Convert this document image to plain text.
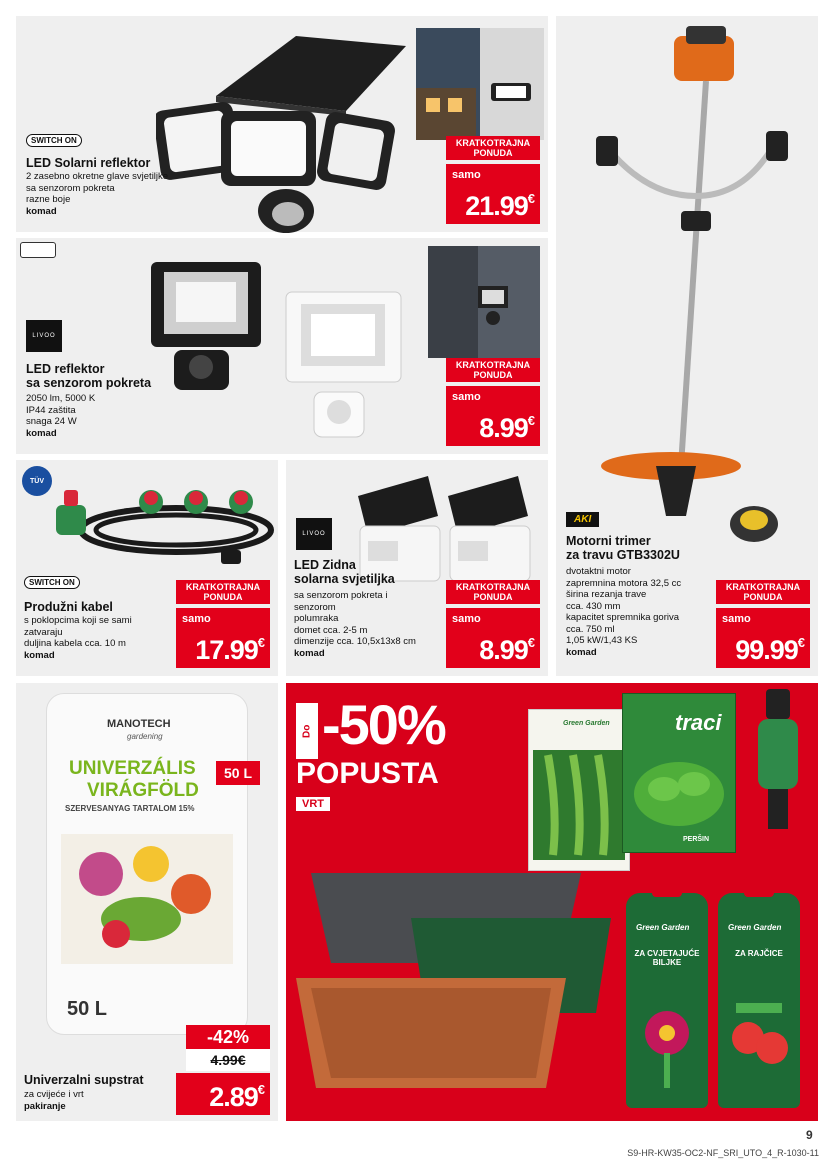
SWITCH ON
LED Solarni reflektor
2 zasebno okretne glave svjetiljke
sa senzorom pokreta
razne boje
komad
KRATKOTRAJNA PONUDA
samo
21.99€
LIVOO
LED reflektor
sa senzorom pokreta
2050 lm, 5000 K
IP44 zaštita
snaga 24 W
komad
KRATKOTRAJNA PONUDA
samo
8.99€
TÜV
SWITCH ON
Produžni kabel
s poklopcima koji se sami
zatvaraju
duljina kabela cca. 10 m
komad
KRATKOTRAJNA PONUDA
samo
17.99€
LIVOO
LED Zidna
solarna svjetiljka
sa senzorom pokreta i
senzorom
polumraka
domet cca. 2-5 m
dimenzije cca. 10,5x13x8 cm
komad
KRATKOTRAJNA PONUDA
samo
8.99€
AKI
Motorni trimer
za travu GTB3302U
dvotaktni motor
zapremnina motora 32,5 cc
širina rezanja trave
cca. 430 mm
kapacitet spremnika goriva
cca. 750 ml
1,05 kW/1,43 KS
komad
KRATKOTRAJNA PONUDA
samo
99.99€
MANOTECH
gardening
UNIVERZÁLIS
VIRÁGFÖLD
SZERVESANYAG TARTALOM 15%
50 L
50 L
-42%
4.99€
2.89€
Univerzalni supstrat
za cvijeće i vrt
pakiranje
Do -50%
POPUSTA
VRT
Green Garden	traci
PERŠIN
Green Garden
ZA CVJETAJUĆE BILJKE
Green Garden
ZA RAJČICE
9
S9-HR-KW35-OC2-NF_SRI_UTO_4_R-1030-11
